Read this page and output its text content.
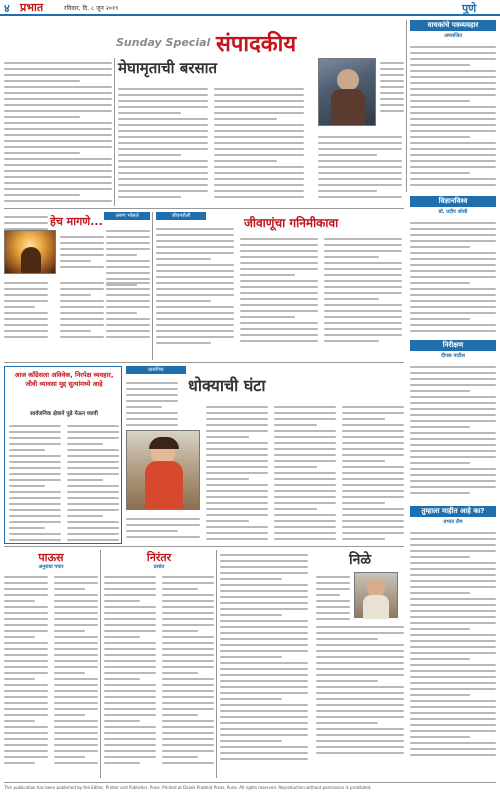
४ प्रभात	रविवार, दि. ८ जून २०१९	पुणे
Sunday Special संपादकीय
मेघामृताची बरसात
वाचकांचे पत्रव्यवहार
अपराजित
हेच मागणे...	अरुण भोसले	जीवनशैली	जीवाणूंचा गनिमीकावा
विज्ञानविश्व
डॉ. प्रदीप जोशी
आज कॉंग्रेसला अविवेक, निरपेक्ष व्यवहार, जीवी व्यावसा मुद्द सुत्यांमध्ये आहे
सार्वजनिक क्षेत्राने पुढे येऊन घ्यावी
प्रासंगिक
धोक्याची घंटा
निरीक्षण
दीपक पाटील
पाऊस
अनुराधा पवार
निरंतर
प्रशांत	निळे
तुम्हाला माहीत आहे का?
प्रभात टीम
This publication has been published by the Editor, Printer and Publisher, Pune. Printed at Dainik Prabhat Press, Pune. All rights reserved. Reproduction without permission is prohibited.
